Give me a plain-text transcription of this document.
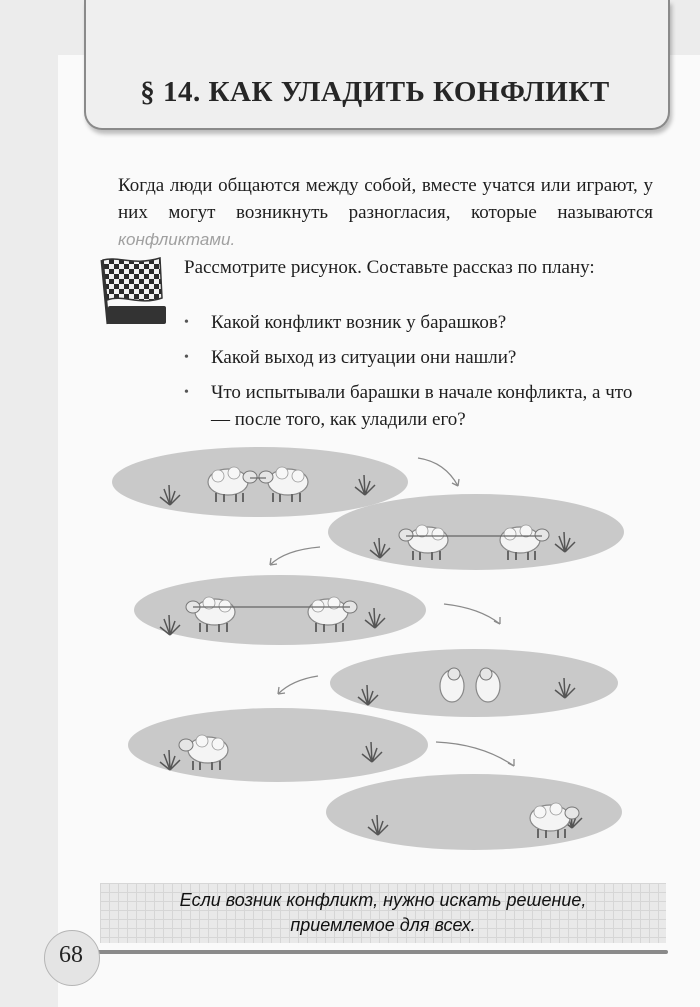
§ 14. КАК УЛАДИТЬ КОНФЛИКТ
Когда люди общаются между собой, вместе учатся или играют, у них могут возникнуть разногласия, которые называются конфликтами.
Рассмотрите рисунок. Составьте рассказ по плану:
• Какой конфликт возник у барашков?
• Какой выход из ситуации они нашли?
• Что испытывали барашки в начале конфликта, а что — после того, как уладили его?
Если возник конфликт, нужно искать решение,
приемлемое для всех.
68
